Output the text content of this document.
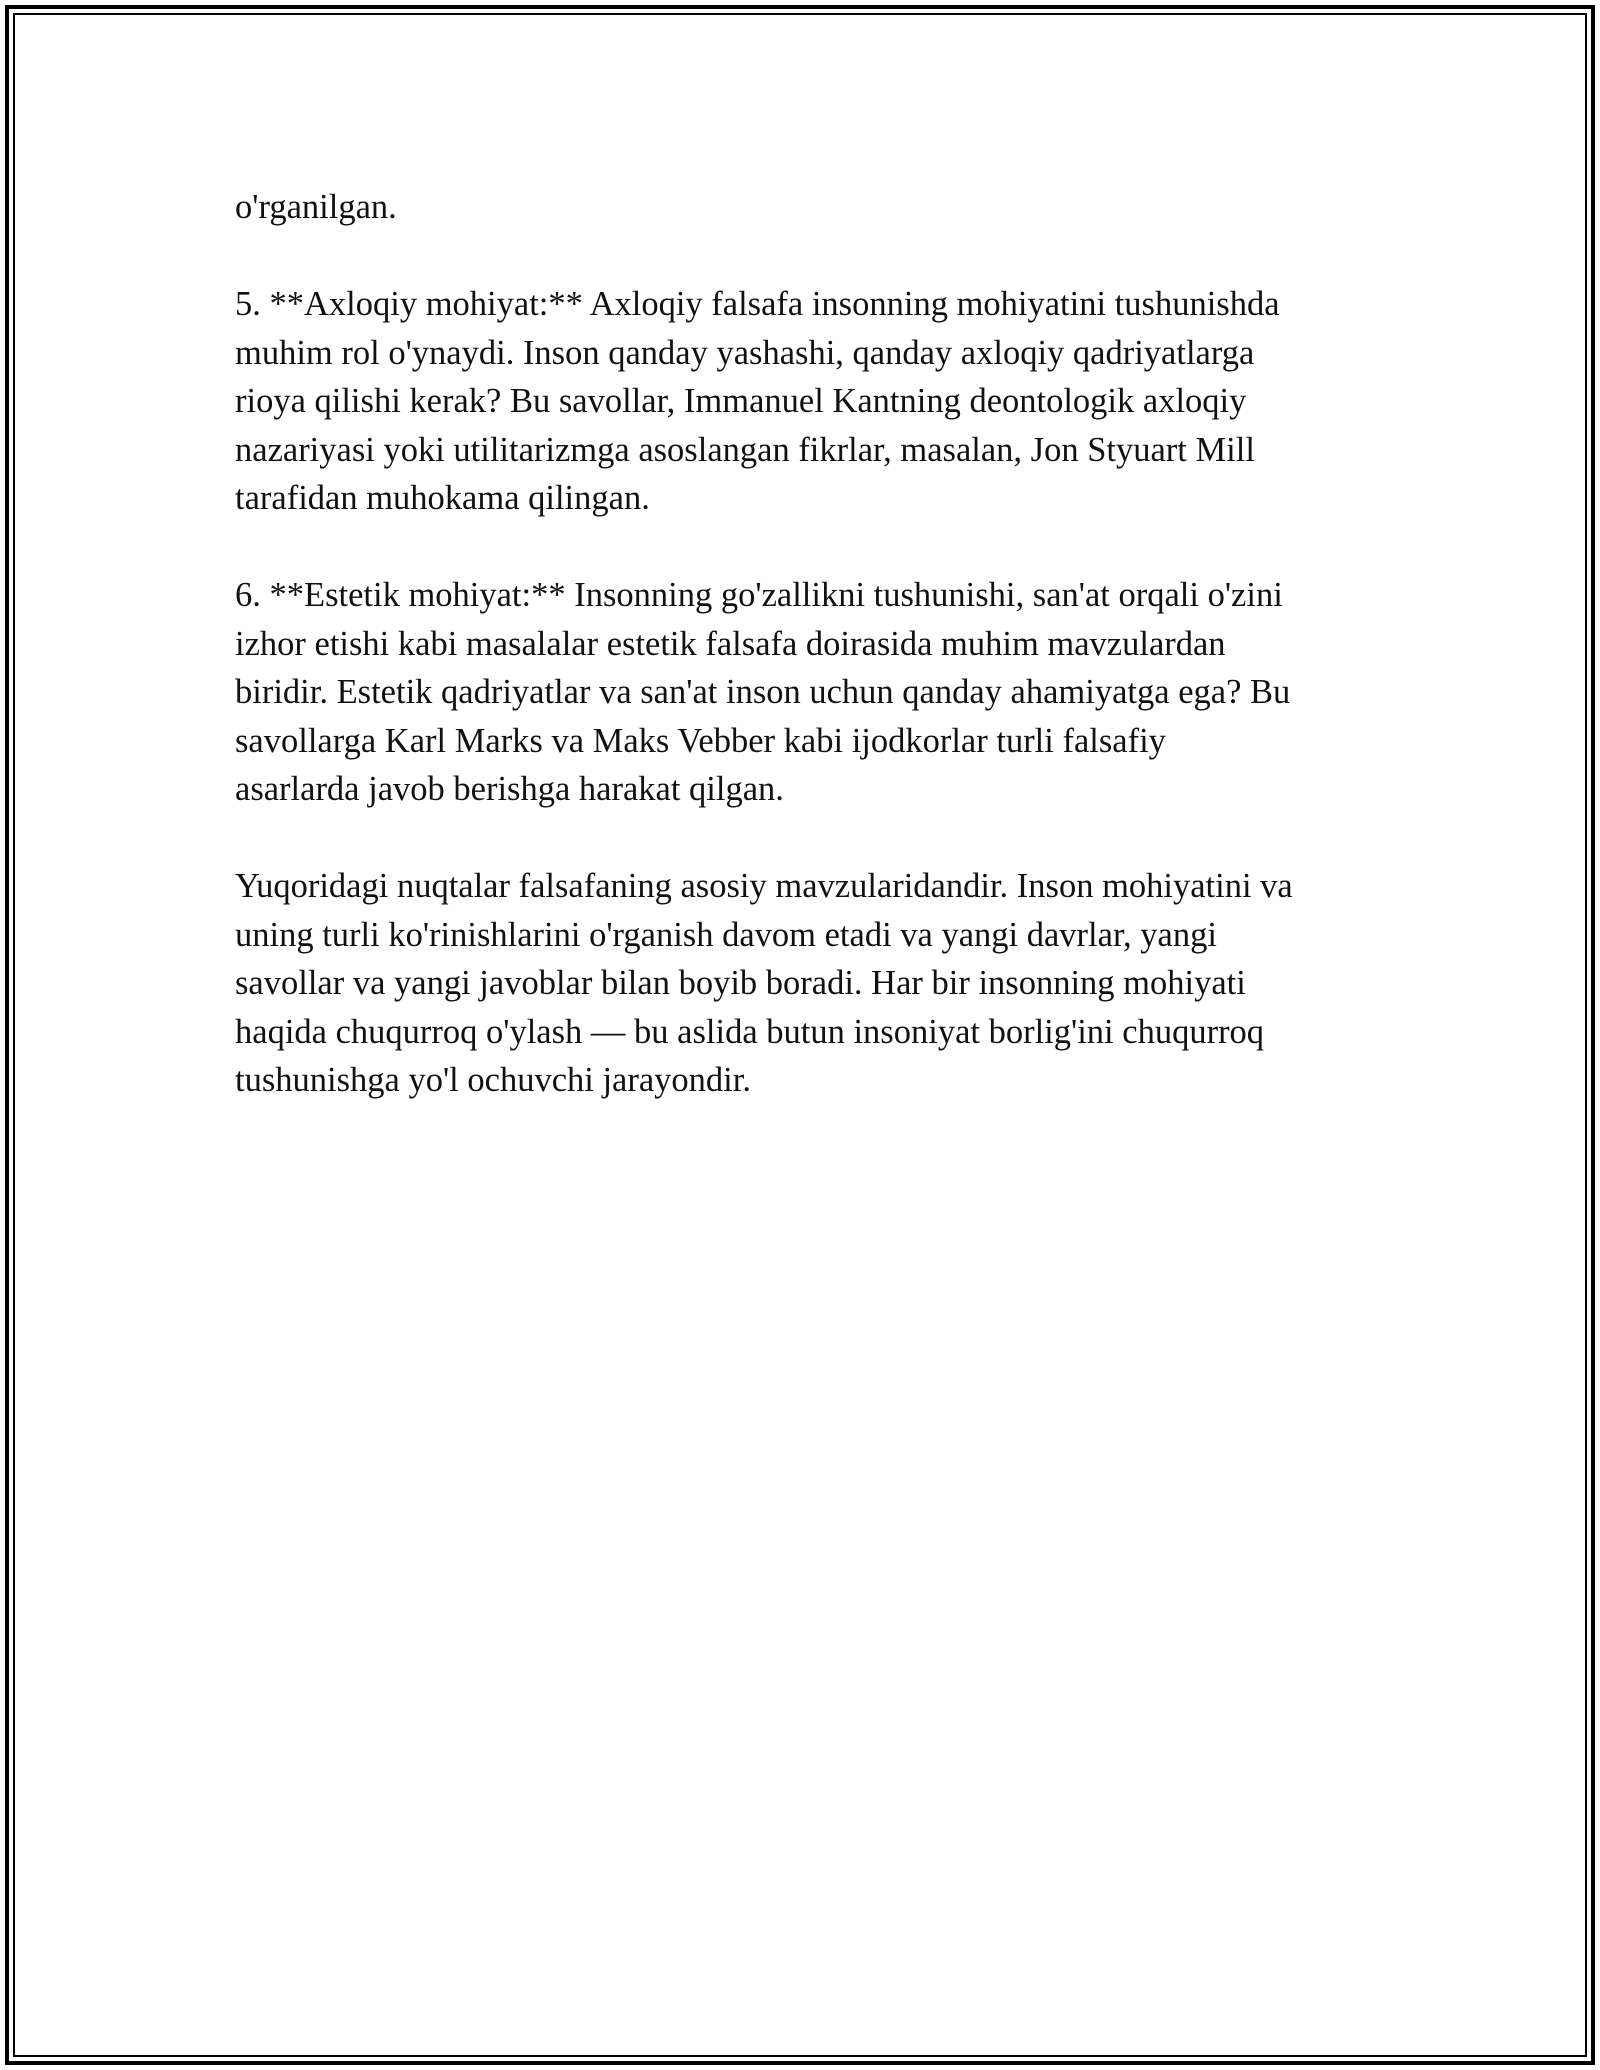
o'rganilgan.

5. **Axloqiy mohiyat:** Axloqiy falsafa insonning mohiyatini tushunishda
muhim rol o'ynaydi. Inson qanday yashashi, qanday axloqiy qadriyatlarga
rioya qilishi kerak? Bu savollar, Immanuel Kantning deontologik axloqiy
nazariyasi yoki utilitarizmga asoslangan fikrlar, masalan, Jon Styuart Mill
tarafidan muhokama qilingan.

6. **Estetik mohiyat:** Insonning go'zallikni tushunishi, san'at orqali o'zini
izhor etishi kabi masalalar estetik falsafa doirasida muhim mavzulardan
biridir. Estetik qadriyatlar va san'at inson uchun qanday ahamiyatga ega? Bu
savollarga Karl Marks va Maks Vebber kabi ijodkorlar turli falsafiy
asarlarda javob berishga harakat qilgan.

Yuqoridagi nuqtalar falsafaning asosiy mavzularidandir. Inson mohiyatini va
uning turli ko'rinishlarini o'rganish davom etadi va yangi davrlar, yangi
savollar va yangi javoblar bilan boyib boradi. Har bir insonning mohiyati
haqida chuqurroq o'ylash — bu aslida butun insoniyat borlig'ini chuqurroq
tushunishga yo'l ochuvchi jarayondir.
